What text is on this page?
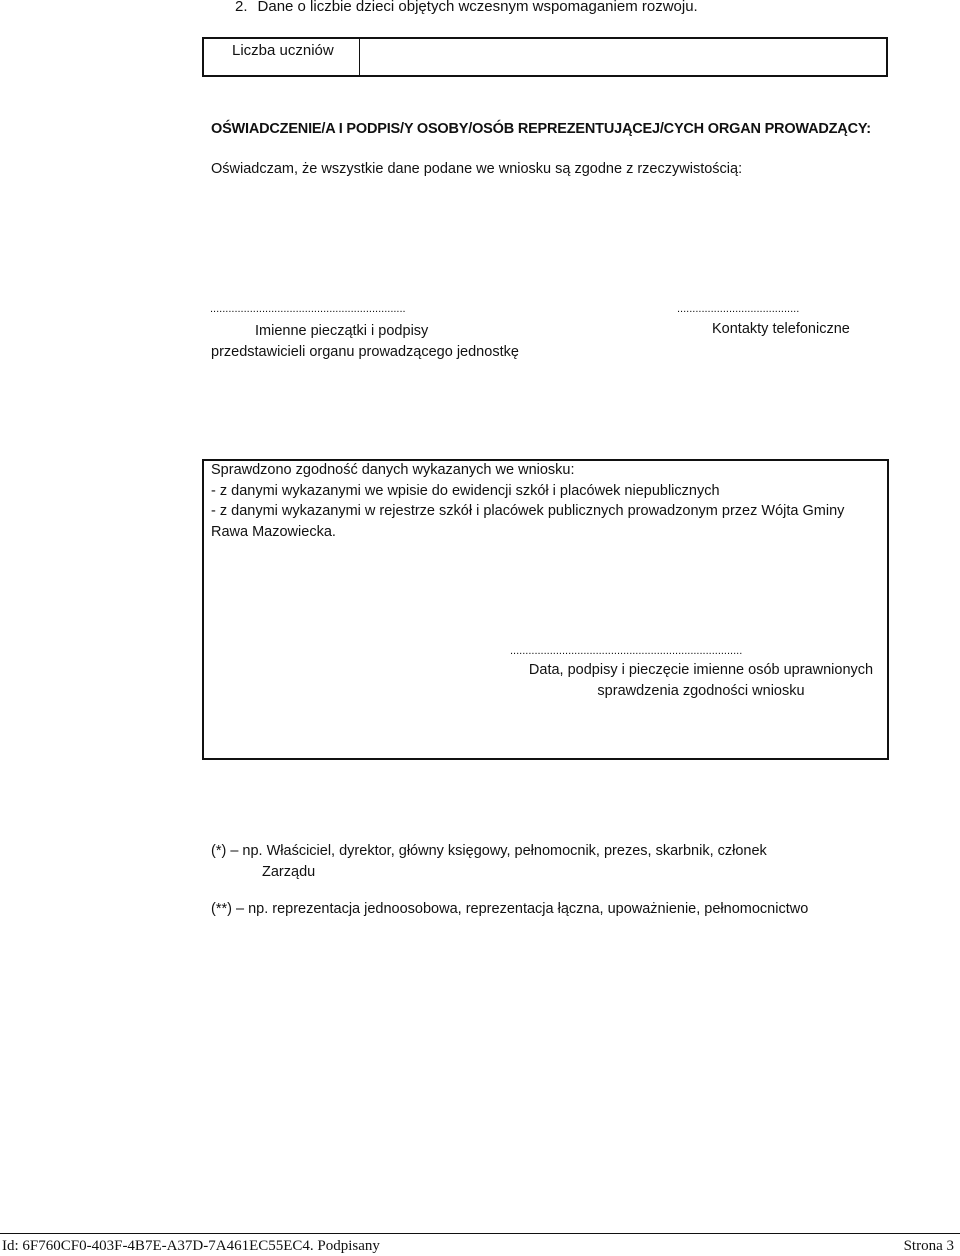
2. Dane o liczbie dzieci objętych wczesnym wspomaganiem rozwoju.
Liczba uczniów
OŚWIADCZENIE/A I PODPIS/Y OSOBY/OSÓB REPREZENTUJĄCEJ/CYCH ORGAN PROWADZĄCY:
Oświadczam, że wszystkie dane podane we wniosku są zgodne z rzeczywistością:
................................................................	........................................
Imienne pieczątki i podpisy
przedstawicieli organu prowadzącego jednostkę
Kontakty telefoniczne
Sprawdzono zgodność danych wykazanych we wniosku:
- z danymi wykazanymi we wpisie do ewidencji szkół i placówek niepublicznych
- z danymi wykazanymi w rejestrze szkół i placówek publicznych prowadzonym przez Wójta Gminy Rawa Mazowiecka.
............................................................................
Data, podpisy i pieczęcie imienne osób uprawnionych
sprawdzenia zgodności wniosku
(*) – np. Właściciel, dyrektor, główny księgowy, pełnomocnik, prezes, skarbnik, członek
Zarządu
(**) – np. reprezentacja jednoosobowa, reprezentacja łączna, upoważnienie, pełnomocnictwo
Id: 6F760CF0-403F-4B7E-A37D-7A461EC55EC4. Podpisany	Strona 3
